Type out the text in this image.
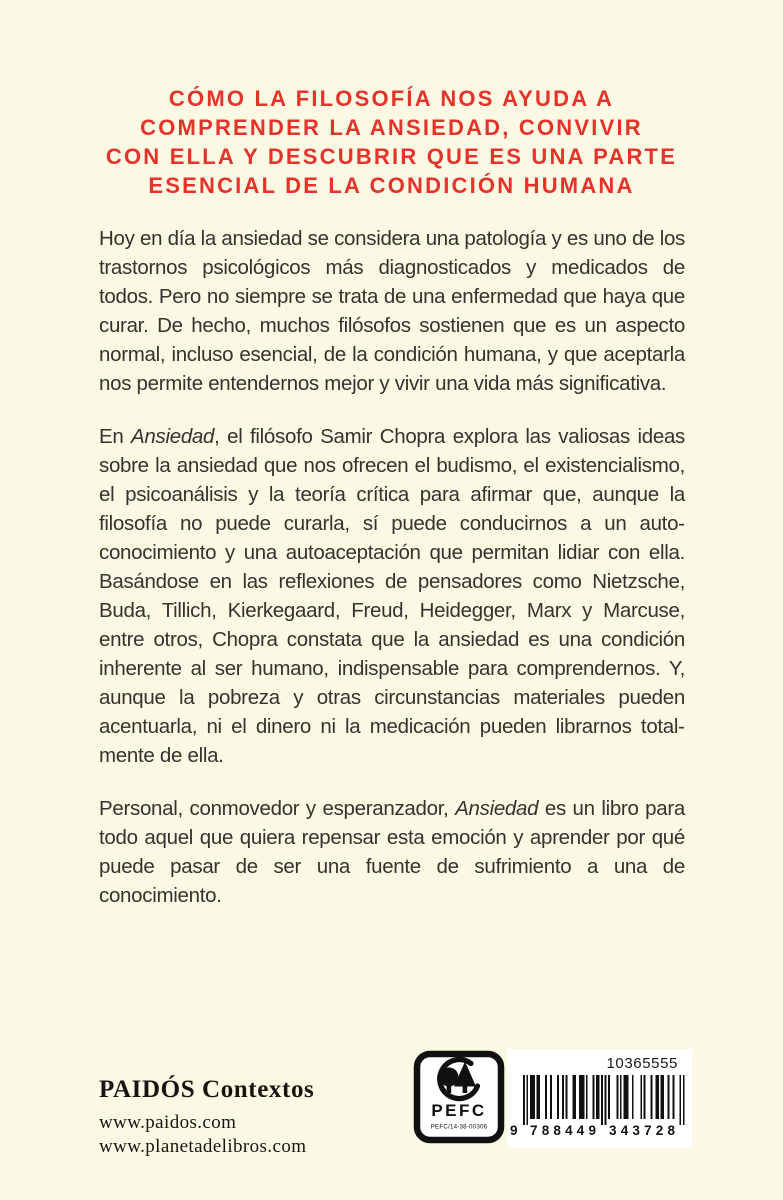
CÓMO LA FILOSOFÍA NOS AYUDA A
COMPRENDER LA ANSIEDAD, CONVIVIR
CON ELLA Y DESCUBRIR QUE ES UNA PARTE
ESENCIAL DE LA CONDICIÓN HUMANA

Hoy en día la ansiedad se considera una patología y es uno de los trastornos psicológicos más diagnosticados y medicados de todos. Pero no siempre se trata de una enfermedad que haya que curar. De hecho, muchos filósofos sostienen que es un aspecto normal, incluso esencial, de la condición humana, y que aceptarla nos permite entendernos mejor y vivir una vida más significativa.

En Ansiedad, el filósofo Samir Chopra explora las valiosas ideas sobre la ansiedad que nos ofrecen el budismo, el existencialismo, el psicoanálisis y la teoría crítica para afirmar que, aunque la filosofía no puede curarla, sí puede conducirnos a un autoconocimiento y una autoaceptación que permitan lidiar con ella. Basándose en las reflexiones de pensadores como Nietzsche, Buda, Tillich, Kierkegaard, Freud, Heidegger, Marx y Marcuse, entre otros, Chopra constata que la ansiedad es una condición inherente al ser humano, indispensable para comprendernos. Y, aunque la pobreza y otras circunstancias materiales pueden acentuarla, ni el dinero ni la medicación pueden librarnos totalmente de ella.

Personal, conmovedor y esperanzador, Ansiedad es un libro para todo aquel que quiera repensar esta emoción y aprender por qué puede pasar de ser una fuente de sufrimiento a una de conocimiento.

PAIDÓS Contextos
www.paidos.com
www.planetadelibros.com
PEFC
PEFC/14-38-00306
10365555
9 788449 343728
